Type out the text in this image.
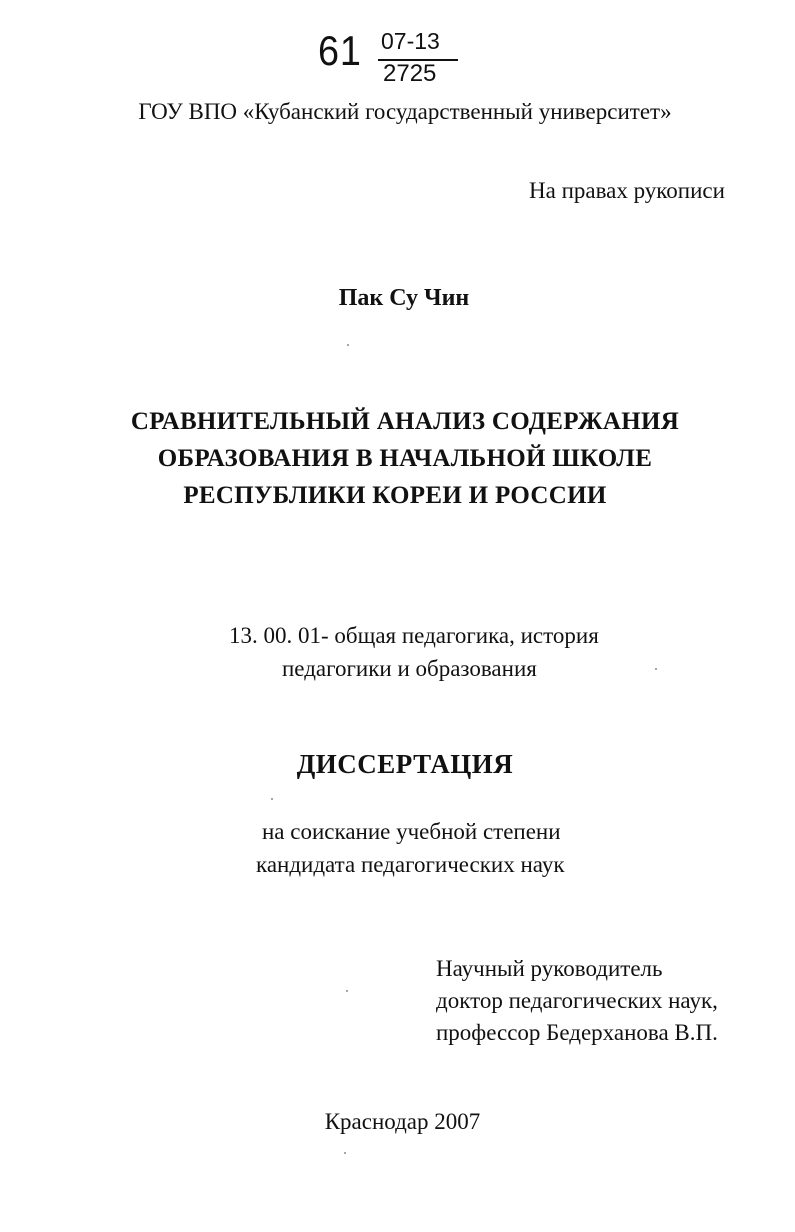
61 07-13
2725
ГОУ ВПО «Кубанский государственный университет»
На правах рукописи
Пак Су Чин
СРАВНИТЕЛЬНЫЙ АНАЛИЗ СОДЕРЖАНИЯ
ОБРАЗОВАНИЯ В НАЧАЛЬНОЙ ШКОЛЕ
РЕСПУБЛИКИ КОРЕИ И РОССИИ
13. 00. 01- общая педагогика, история
педагогики и образования
ДИССЕРТАЦИЯ
на соискание учебной степени
кандидата педагогических наук
Научный руководитель
доктор педагогических наук,
профессор Бедерханова В.П.
Краснодар 2007
